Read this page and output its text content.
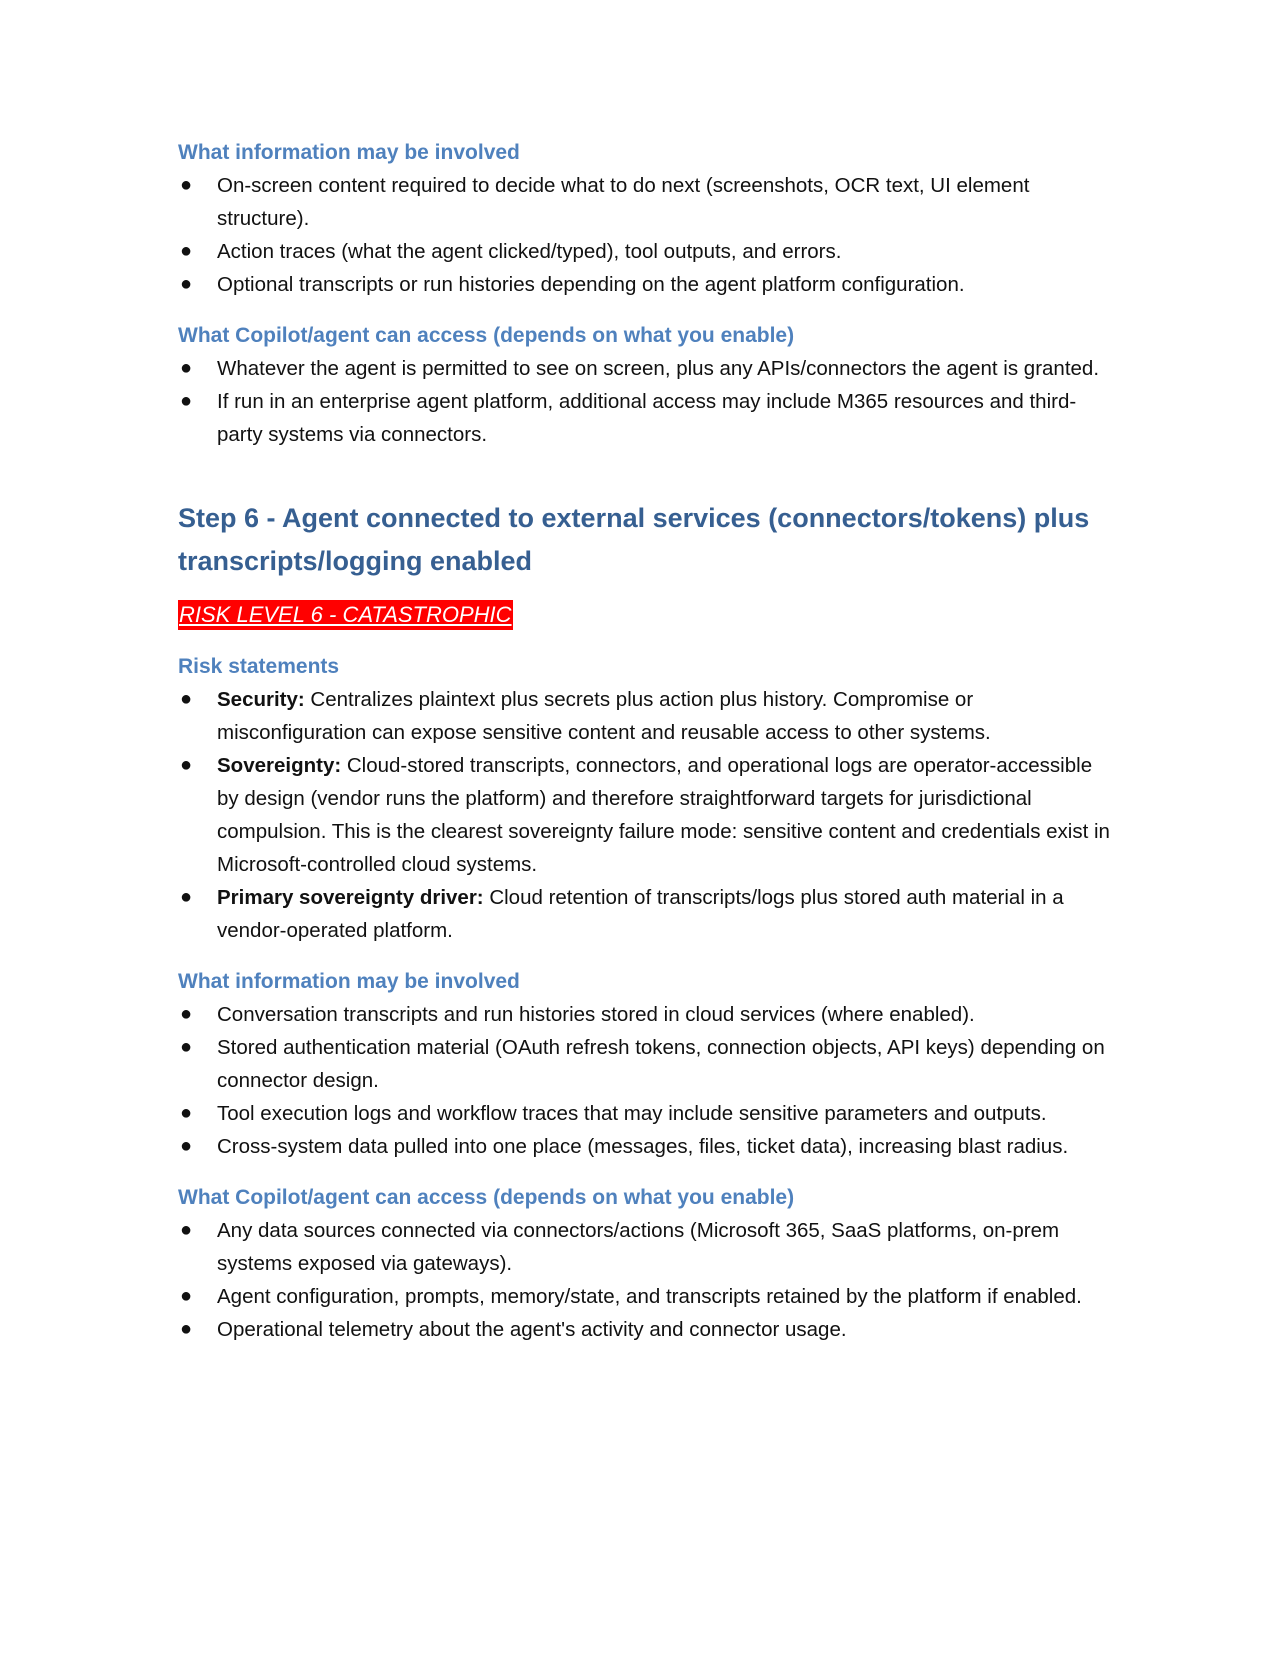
What information may be involved
● On-screen content required to decide what to do next (screenshots, OCR text, UI element structure).
● Action traces (what the agent clicked/typed), tool outputs, and errors.
● Optional transcripts or run histories depending on the agent platform configuration.
What Copilot/agent can access (depends on what you enable)
● Whatever the agent is permitted to see on screen, plus any APIs/connectors the agent is granted.
● If run in an enterprise agent platform, additional access may include M365 resources and third-party systems via connectors.
Step 6 - Agent connected to external services (connectors/tokens) plus transcripts/logging enabled
RISK LEVEL 6 - CATASTROPHIC
Risk statements
● Security: Centralizes plaintext plus secrets plus action plus history. Compromise or misconfiguration can expose sensitive content and reusable access to other systems.
● Sovereignty: Cloud-stored transcripts, connectors, and operational logs are operator-accessible by design (vendor runs the platform) and therefore straightforward targets for jurisdictional compulsion. This is the clearest sovereignty failure mode: sensitive content and credentials exist in Microsoft-controlled cloud systems.
● Primary sovereignty driver: Cloud retention of transcripts/logs plus stored auth material in a vendor-operated platform.
What information may be involved
● Conversation transcripts and run histories stored in cloud services (where enabled).
● Stored authentication material (OAuth refresh tokens, connection objects, API keys) depending on connector design.
● Tool execution logs and workflow traces that may include sensitive parameters and outputs.
● Cross-system data pulled into one place (messages, files, ticket data), increasing blast radius.
What Copilot/agent can access (depends on what you enable)
● Any data sources connected via connectors/actions (Microsoft 365, SaaS platforms, on-prem systems exposed via gateways).
● Agent configuration, prompts, memory/state, and transcripts retained by the platform if enabled.
● Operational telemetry about the agent's activity and connector usage.
